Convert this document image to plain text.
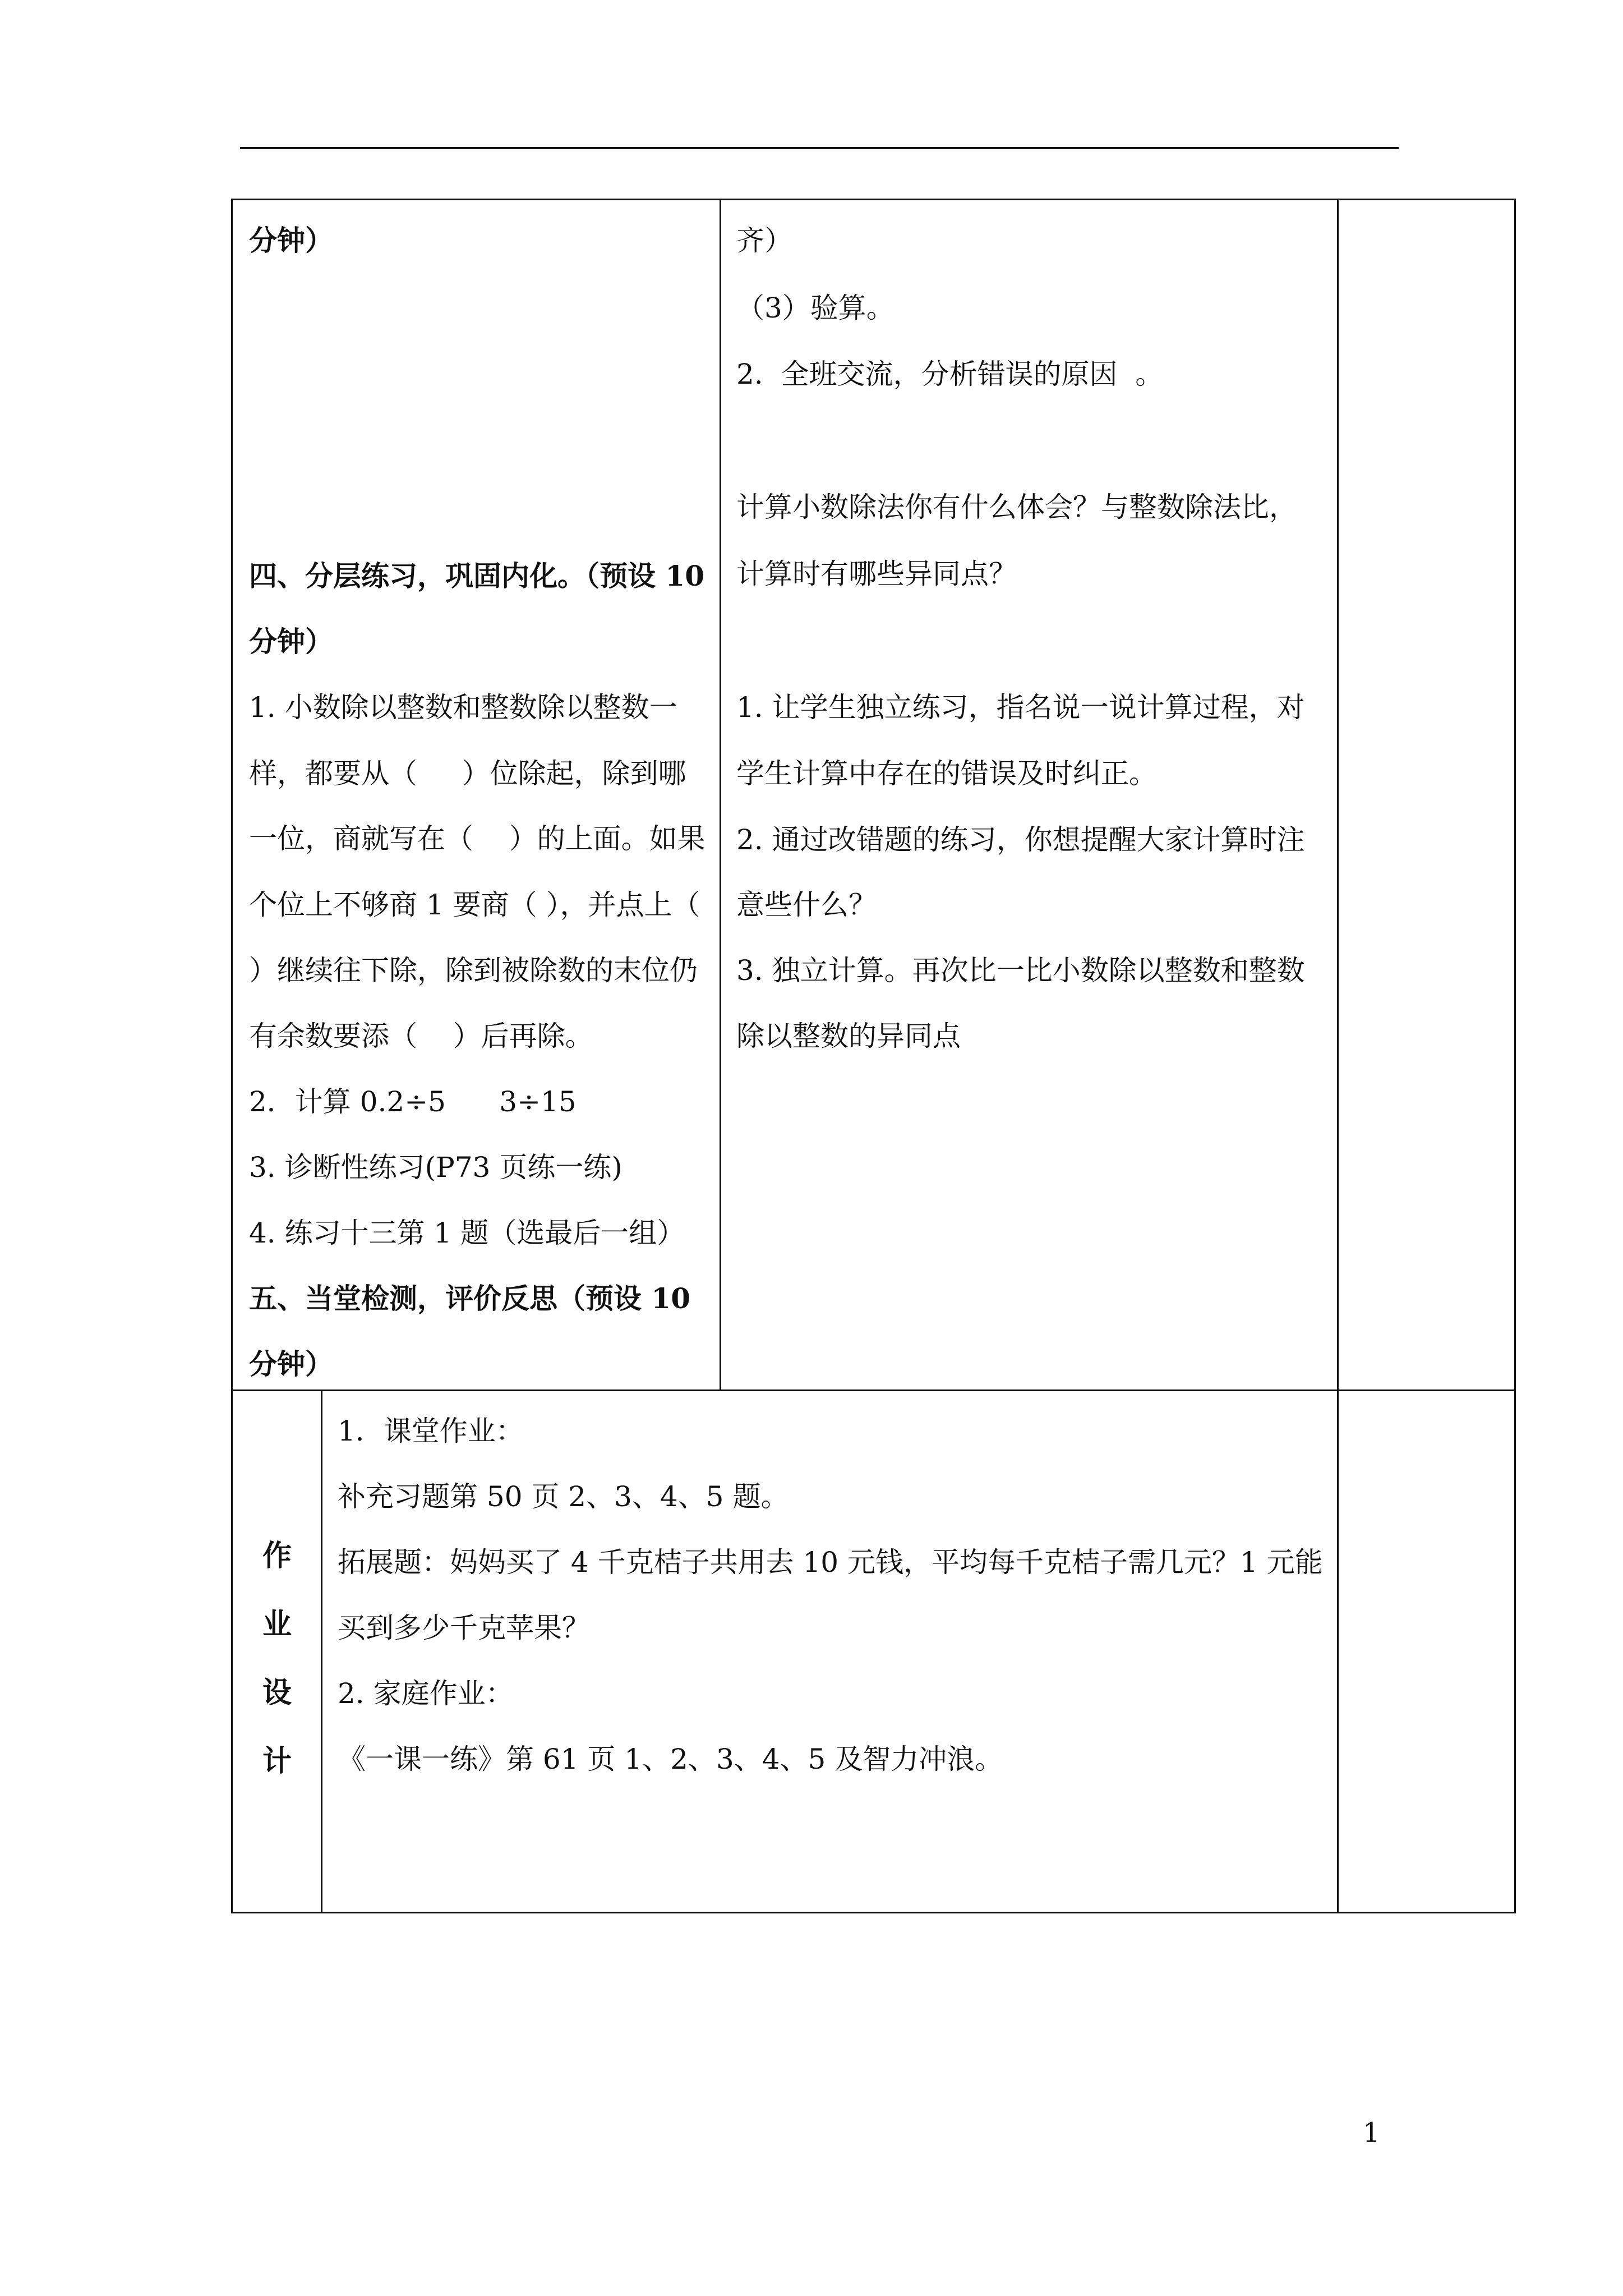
分钟）
四、分层练习，巩固内化。（预设 10
分钟）
1. 小数除以整数和整数除以整数一
样，都要从（     ）位除起，除到哪
一位，商就写在（    ）的上面。如果
个位上不够商 1 要商（ ），并点上（
）继续往下除，除到被除数的末位仍
有余数要添（    ）后再除。
2．计算 0.2÷5      3÷15
3. 诊断性练习(P73 页练一练)
4. 练习十三第 1 题（选最后一组）
五、当堂检测，评价反思（预设 10
分钟）
齐）
（3）验算。
2.  全班交流，分析错误的原因  。
计算小数除法你有什么体会？与整数除法比，
计算时有哪些异同点？
1. 让学生独立练习，指名说一说计算过程，对
学生计算中存在的错误及时纠正。
2. 通过改错题的练习，你想提醒大家计算时注
意些什么？
3. 独立计算。再次比一比小数除以整数和整数
除以整数的异同点
作
业
设
计
1．课堂作业：
补充习题第 50 页 2、3、4、5 题。
拓展题：妈妈买了 4 千克桔子共用去 10 元钱，平均每千克桔子需几元？1 元能
买到多少千克苹果？
2. 家庭作业：
《一课一练》第 61 页 1、2、3、4、5 及智力冲浪。
1
